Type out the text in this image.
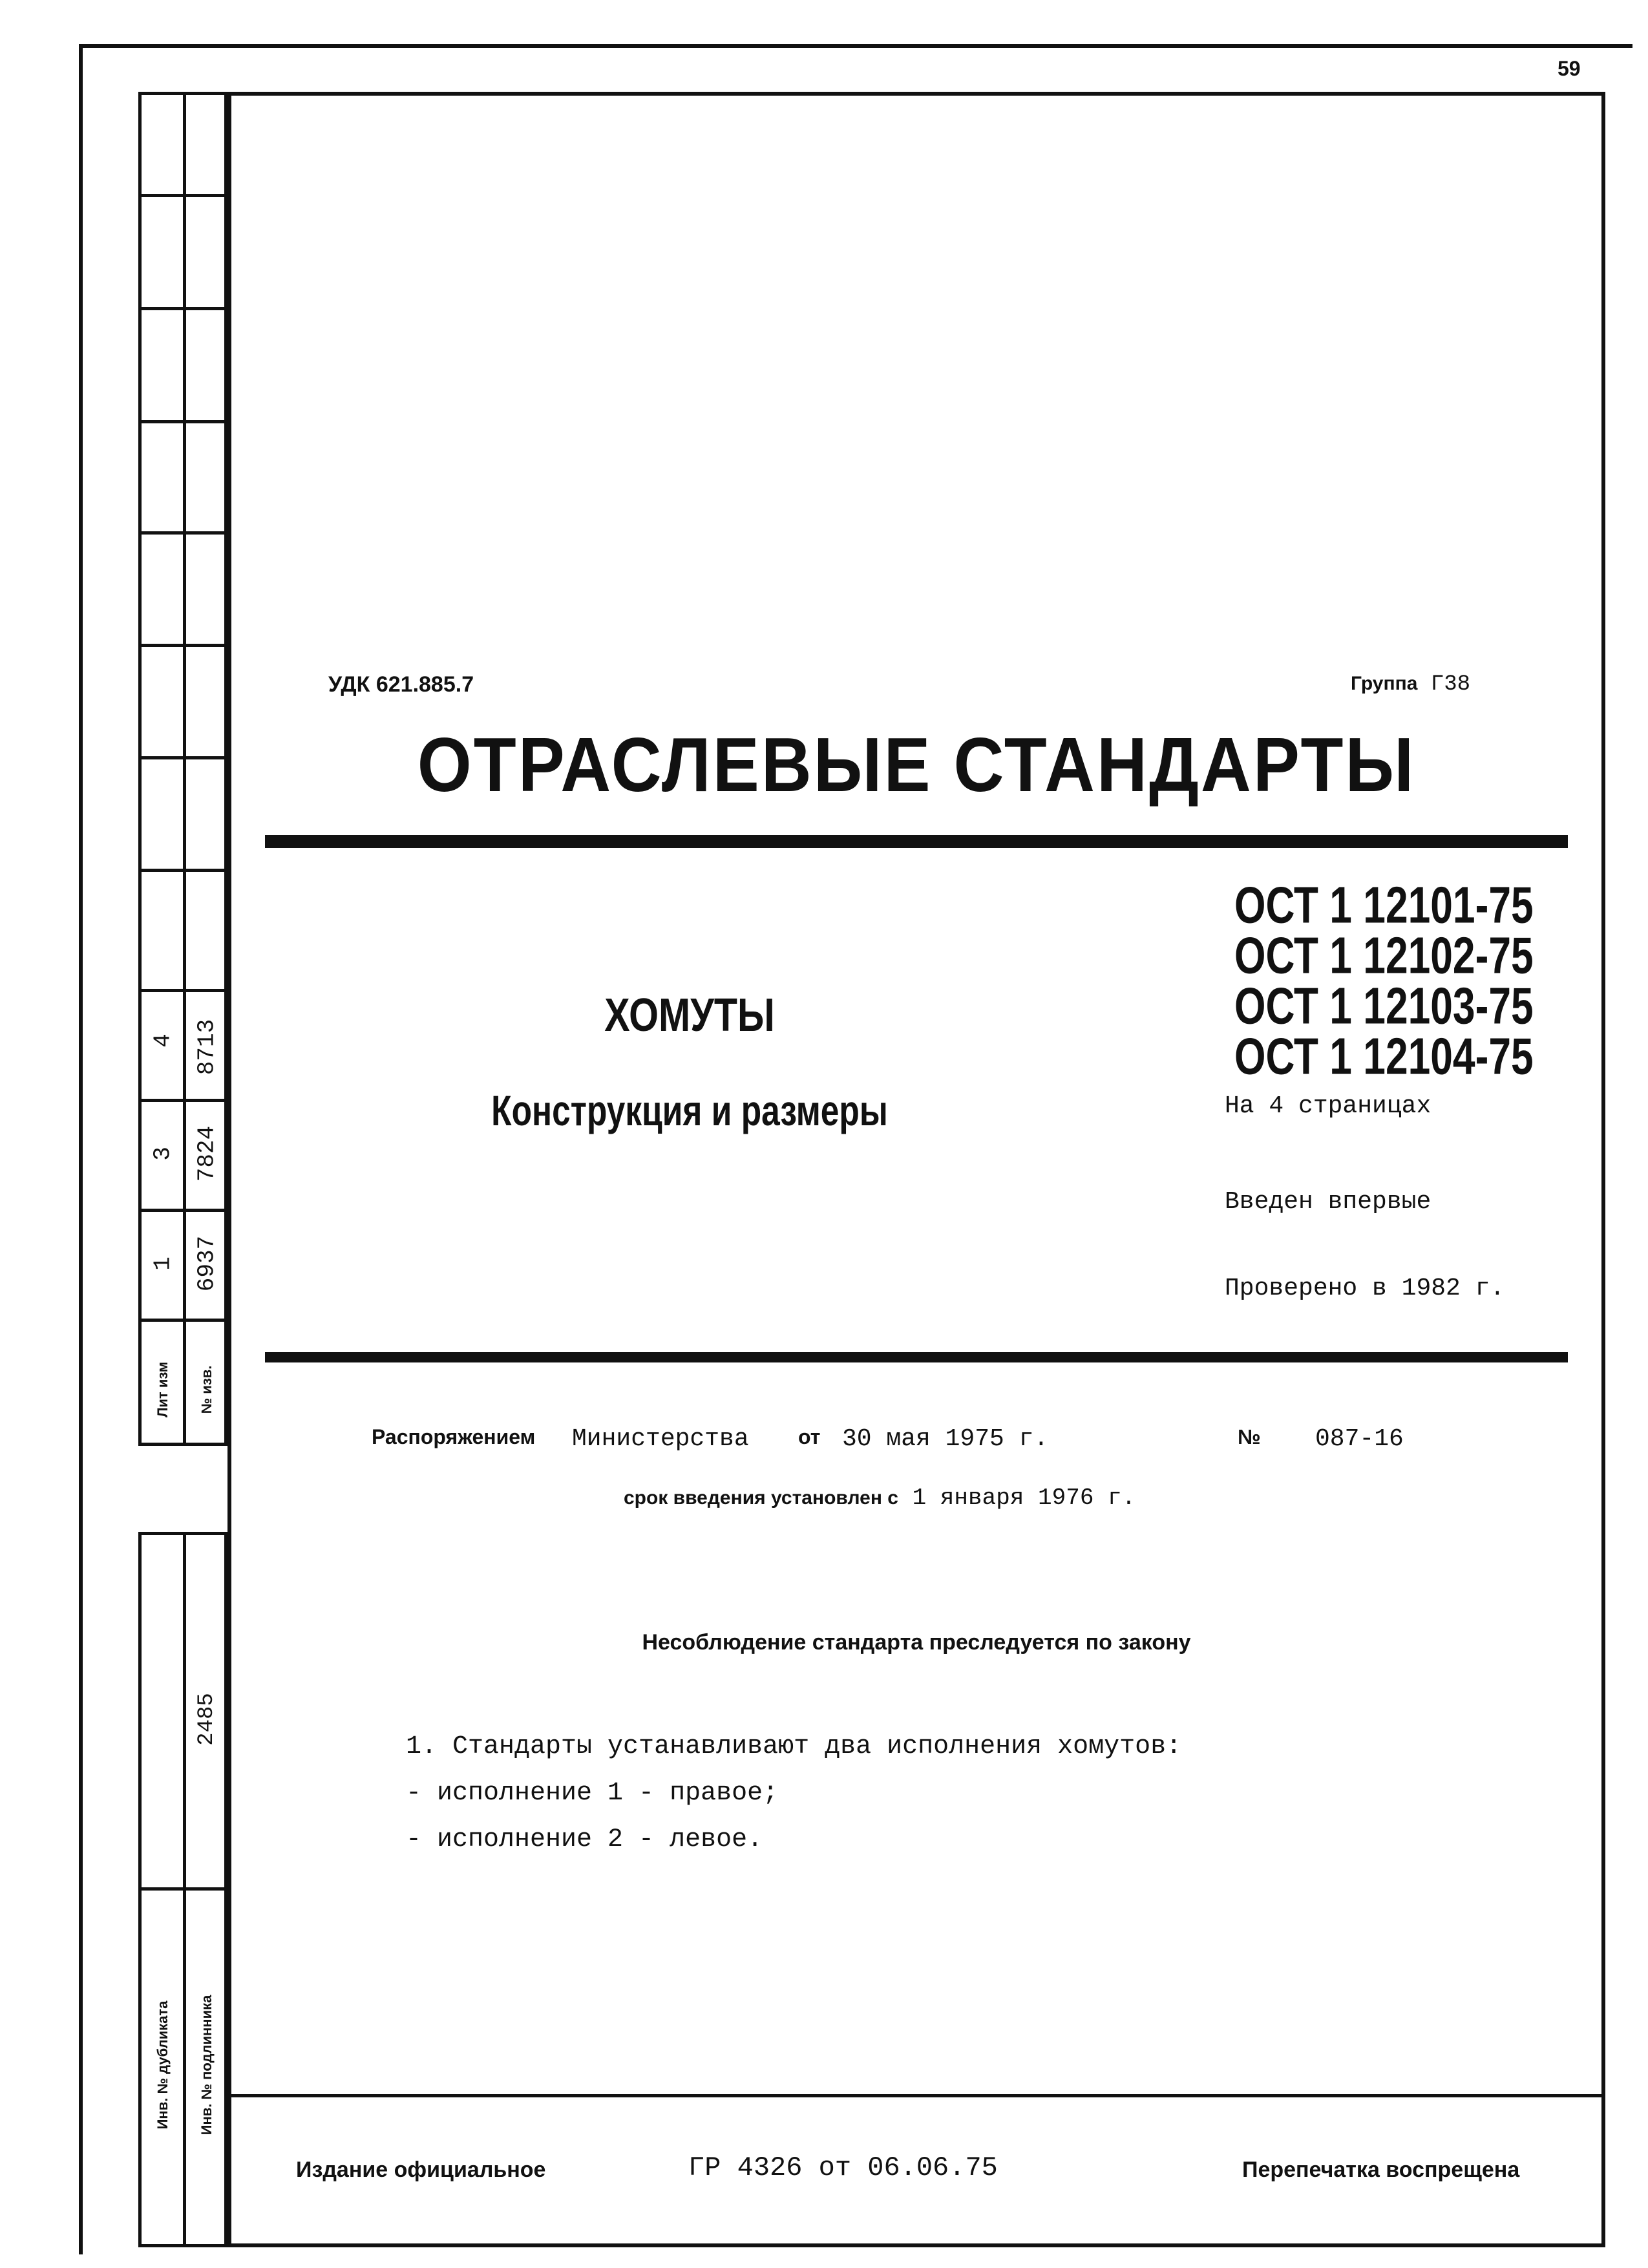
4 8713
3 7824
1 6937
Лит изм № изв.
2485
Инв. № дубликата Инв. № подлинника
59
УДК 621.885.7	Группа Г38
ОТРАСЛЕВЫЕ СТАНДАРТЫ
ОСТ 1 12101-75
ОСТ 1 12102-75
ОСТ 1 12103-75
ОСТ 1 12104-75
ХОМУТЫ
Конструкция и размеры	На 4 страницах
Введен впервые
Проверено в 1982 г.
Распоряжением Министерства от 30 мая 1975 г.	№ 087-16
срок введения установлен с 1 января 1976 г.
Несоблюдение стандарта преследуется по закону
1. Стандарты устанавливают два исполнения хомутов:
- исполнение 1 - правое;
- исполнение 2 - левое.
Издание официальное	ГР 4326 от 06.06.75	Перепечатка воспрещена
